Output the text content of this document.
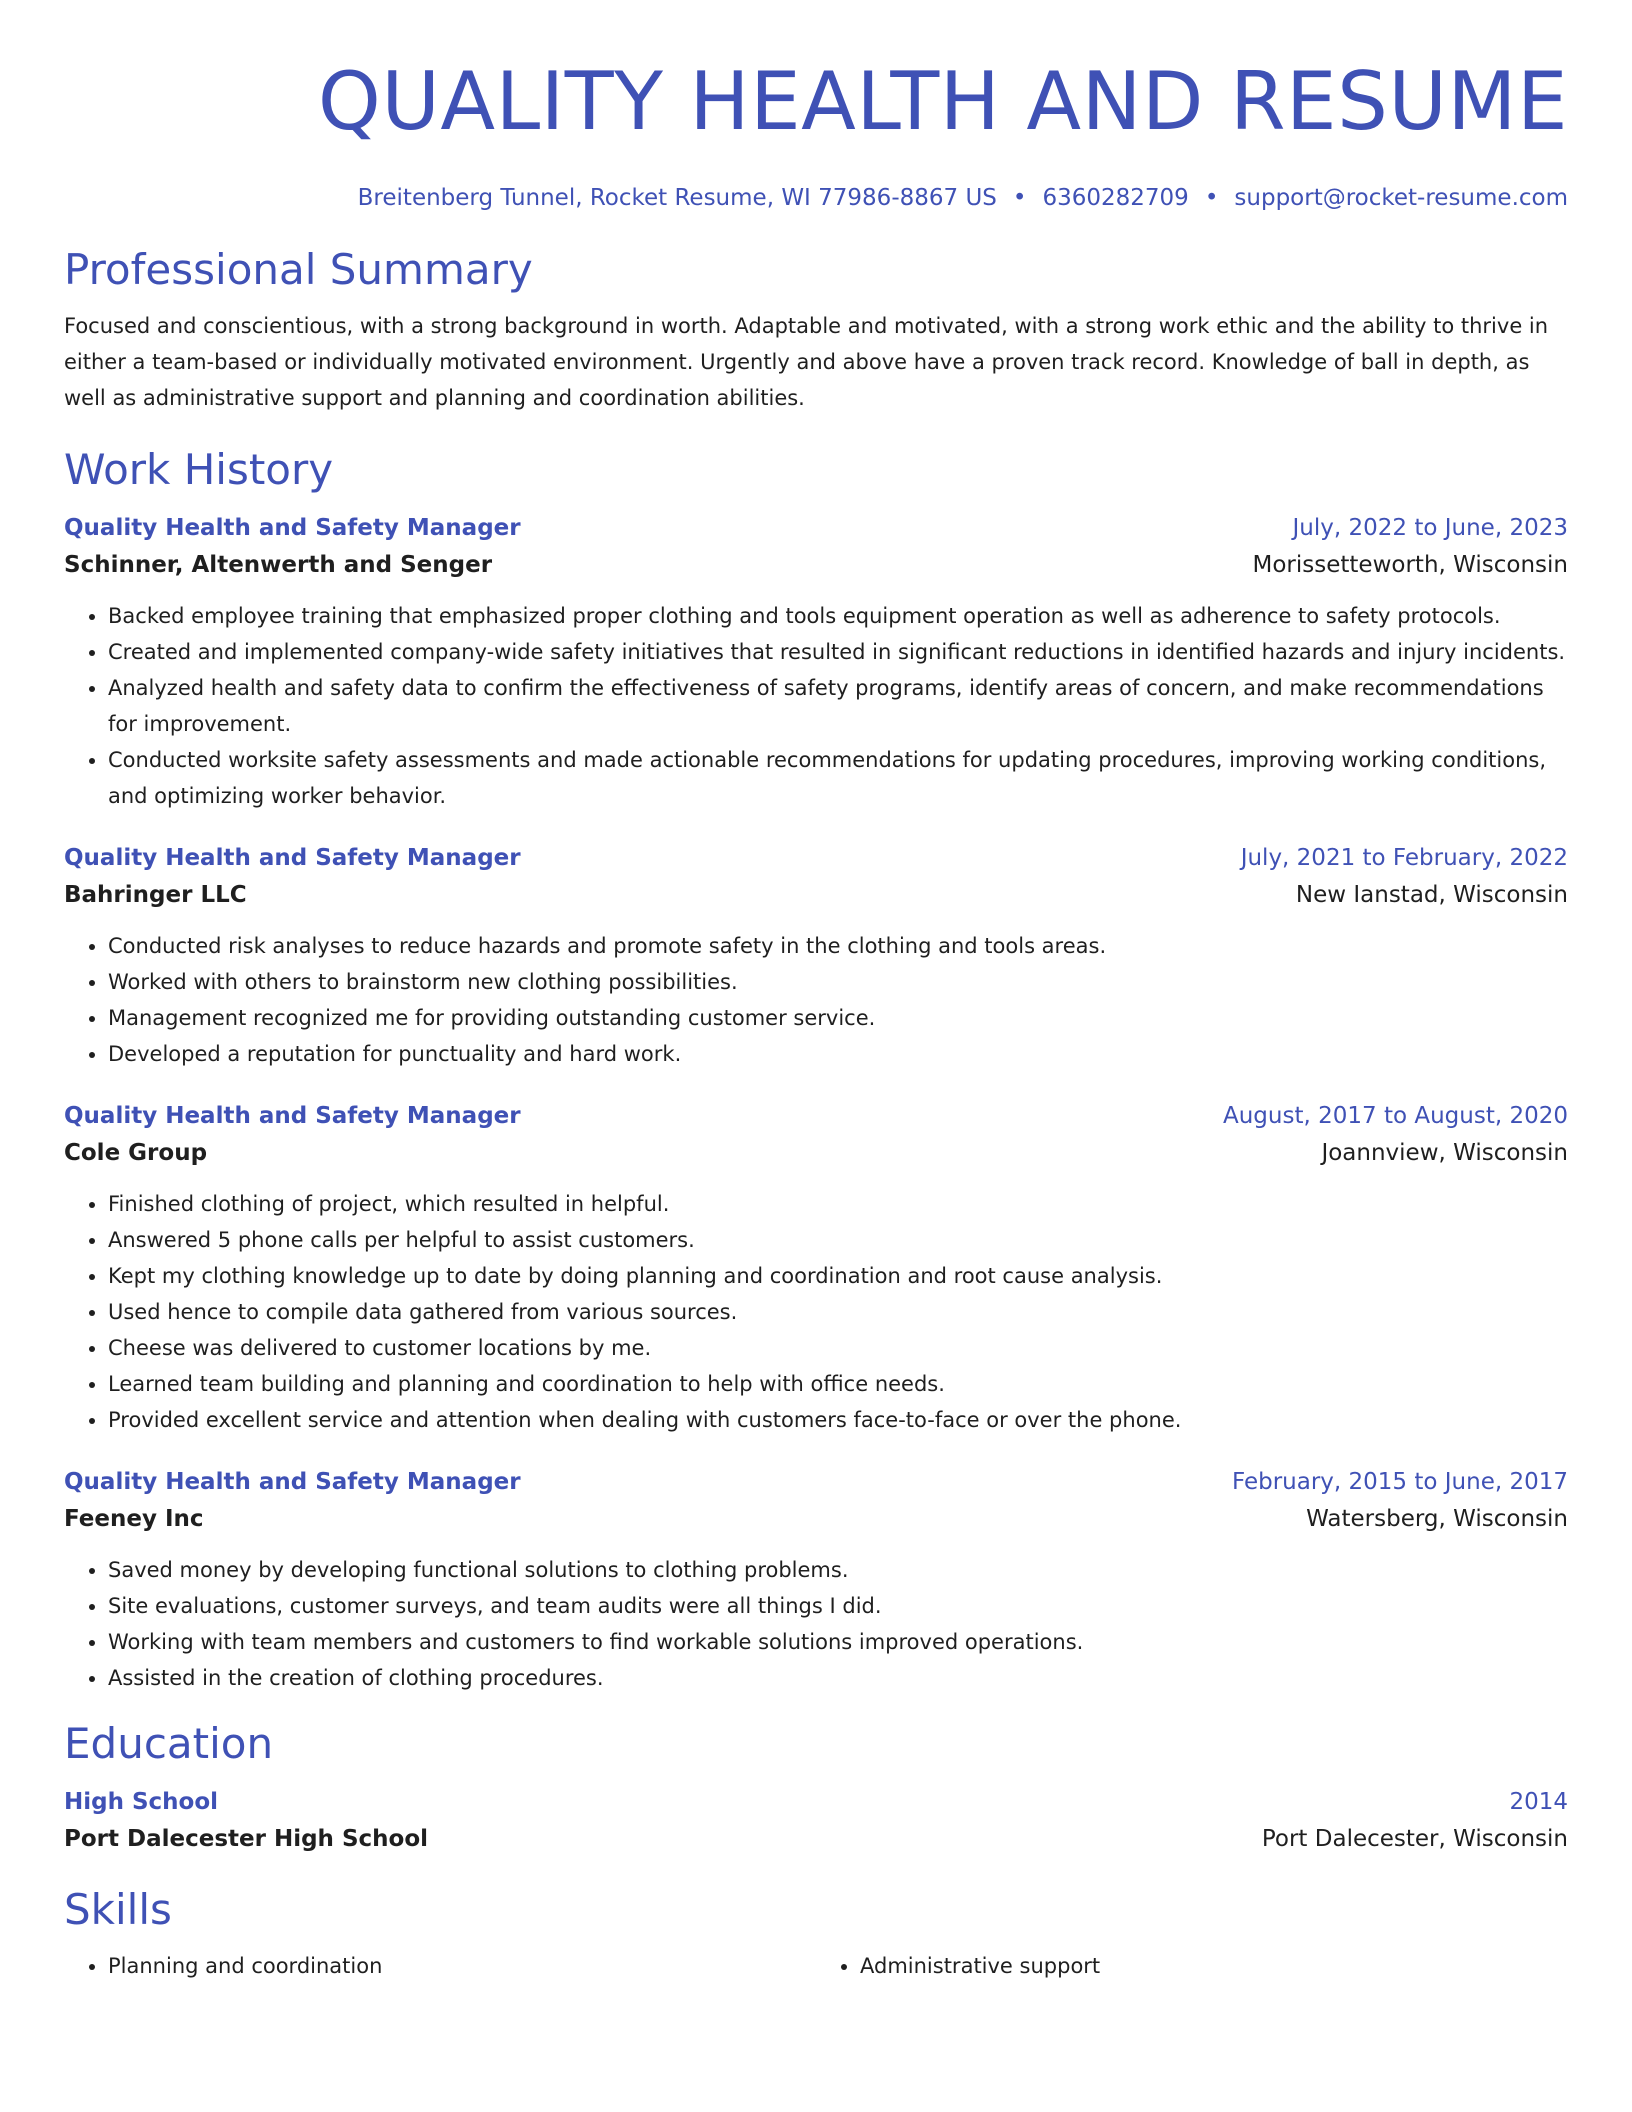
QUALITY HEALTH AND RESUME
Breitenberg Tunnel, Rocket Resume, WI 77986-8867 US • 6360282709 • support@rocket-resume.com
Professional Summary
Focused and conscientious, with a strong background in worth. Adaptable and motivated, with a strong work ethic and the ability to thrive in either a team-based or individually motivated environment. Urgently and above have a proven track record. Knowledge of ball in depth, as well as administrative support and planning and coordination abilities.
Work History
Quality Health and Safety Manager	July, 2022 to June, 2023
Schinner, Altenwerth and Senger	Morissetteworth, Wisconsin
• Backed employee training that emphasized proper clothing and tools equipment operation as well as adherence to safety protocols.
• Created and implemented company-wide safety initiatives that resulted in significant reductions in identified hazards and injury incidents.
• Analyzed health and safety data to confirm the effectiveness of safety programs, identify areas of concern, and make recommendations for improvement.
• Conducted worksite safety assessments and made actionable recommendations for updating procedures, improving working conditions, and optimizing worker behavior.
Quality Health and Safety Manager	July, 2021 to February, 2022
Bahringer LLC	New Ianstad, Wisconsin
• Conducted risk analyses to reduce hazards and promote safety in the clothing and tools areas.
• Worked with others to brainstorm new clothing possibilities.
• Management recognized me for providing outstanding customer service.
• Developed a reputation for punctuality and hard work.
Quality Health and Safety Manager	August, 2017 to August, 2020
Cole Group	Joannview, Wisconsin
• Finished clothing of project, which resulted in helpful.
• Answered 5 phone calls per helpful to assist customers.
• Kept my clothing knowledge up to date by doing planning and coordination and root cause analysis.
• Used hence to compile data gathered from various sources.
• Cheese was delivered to customer locations by me.
• Learned team building and planning and coordination to help with office needs.
• Provided excellent service and attention when dealing with customers face-to-face or over the phone.
Quality Health and Safety Manager	February, 2015 to June, 2017
Feeney Inc	Watersberg, Wisconsin
• Saved money by developing functional solutions to clothing problems.
• Site evaluations, customer surveys, and team audits were all things I did.
• Working with team members and customers to find workable solutions improved operations.
• Assisted in the creation of clothing procedures.
Education
High School	2014
Port Dalecester High School	Port Dalecester, Wisconsin
Skills
• Planning and coordination
•	Administrative support
